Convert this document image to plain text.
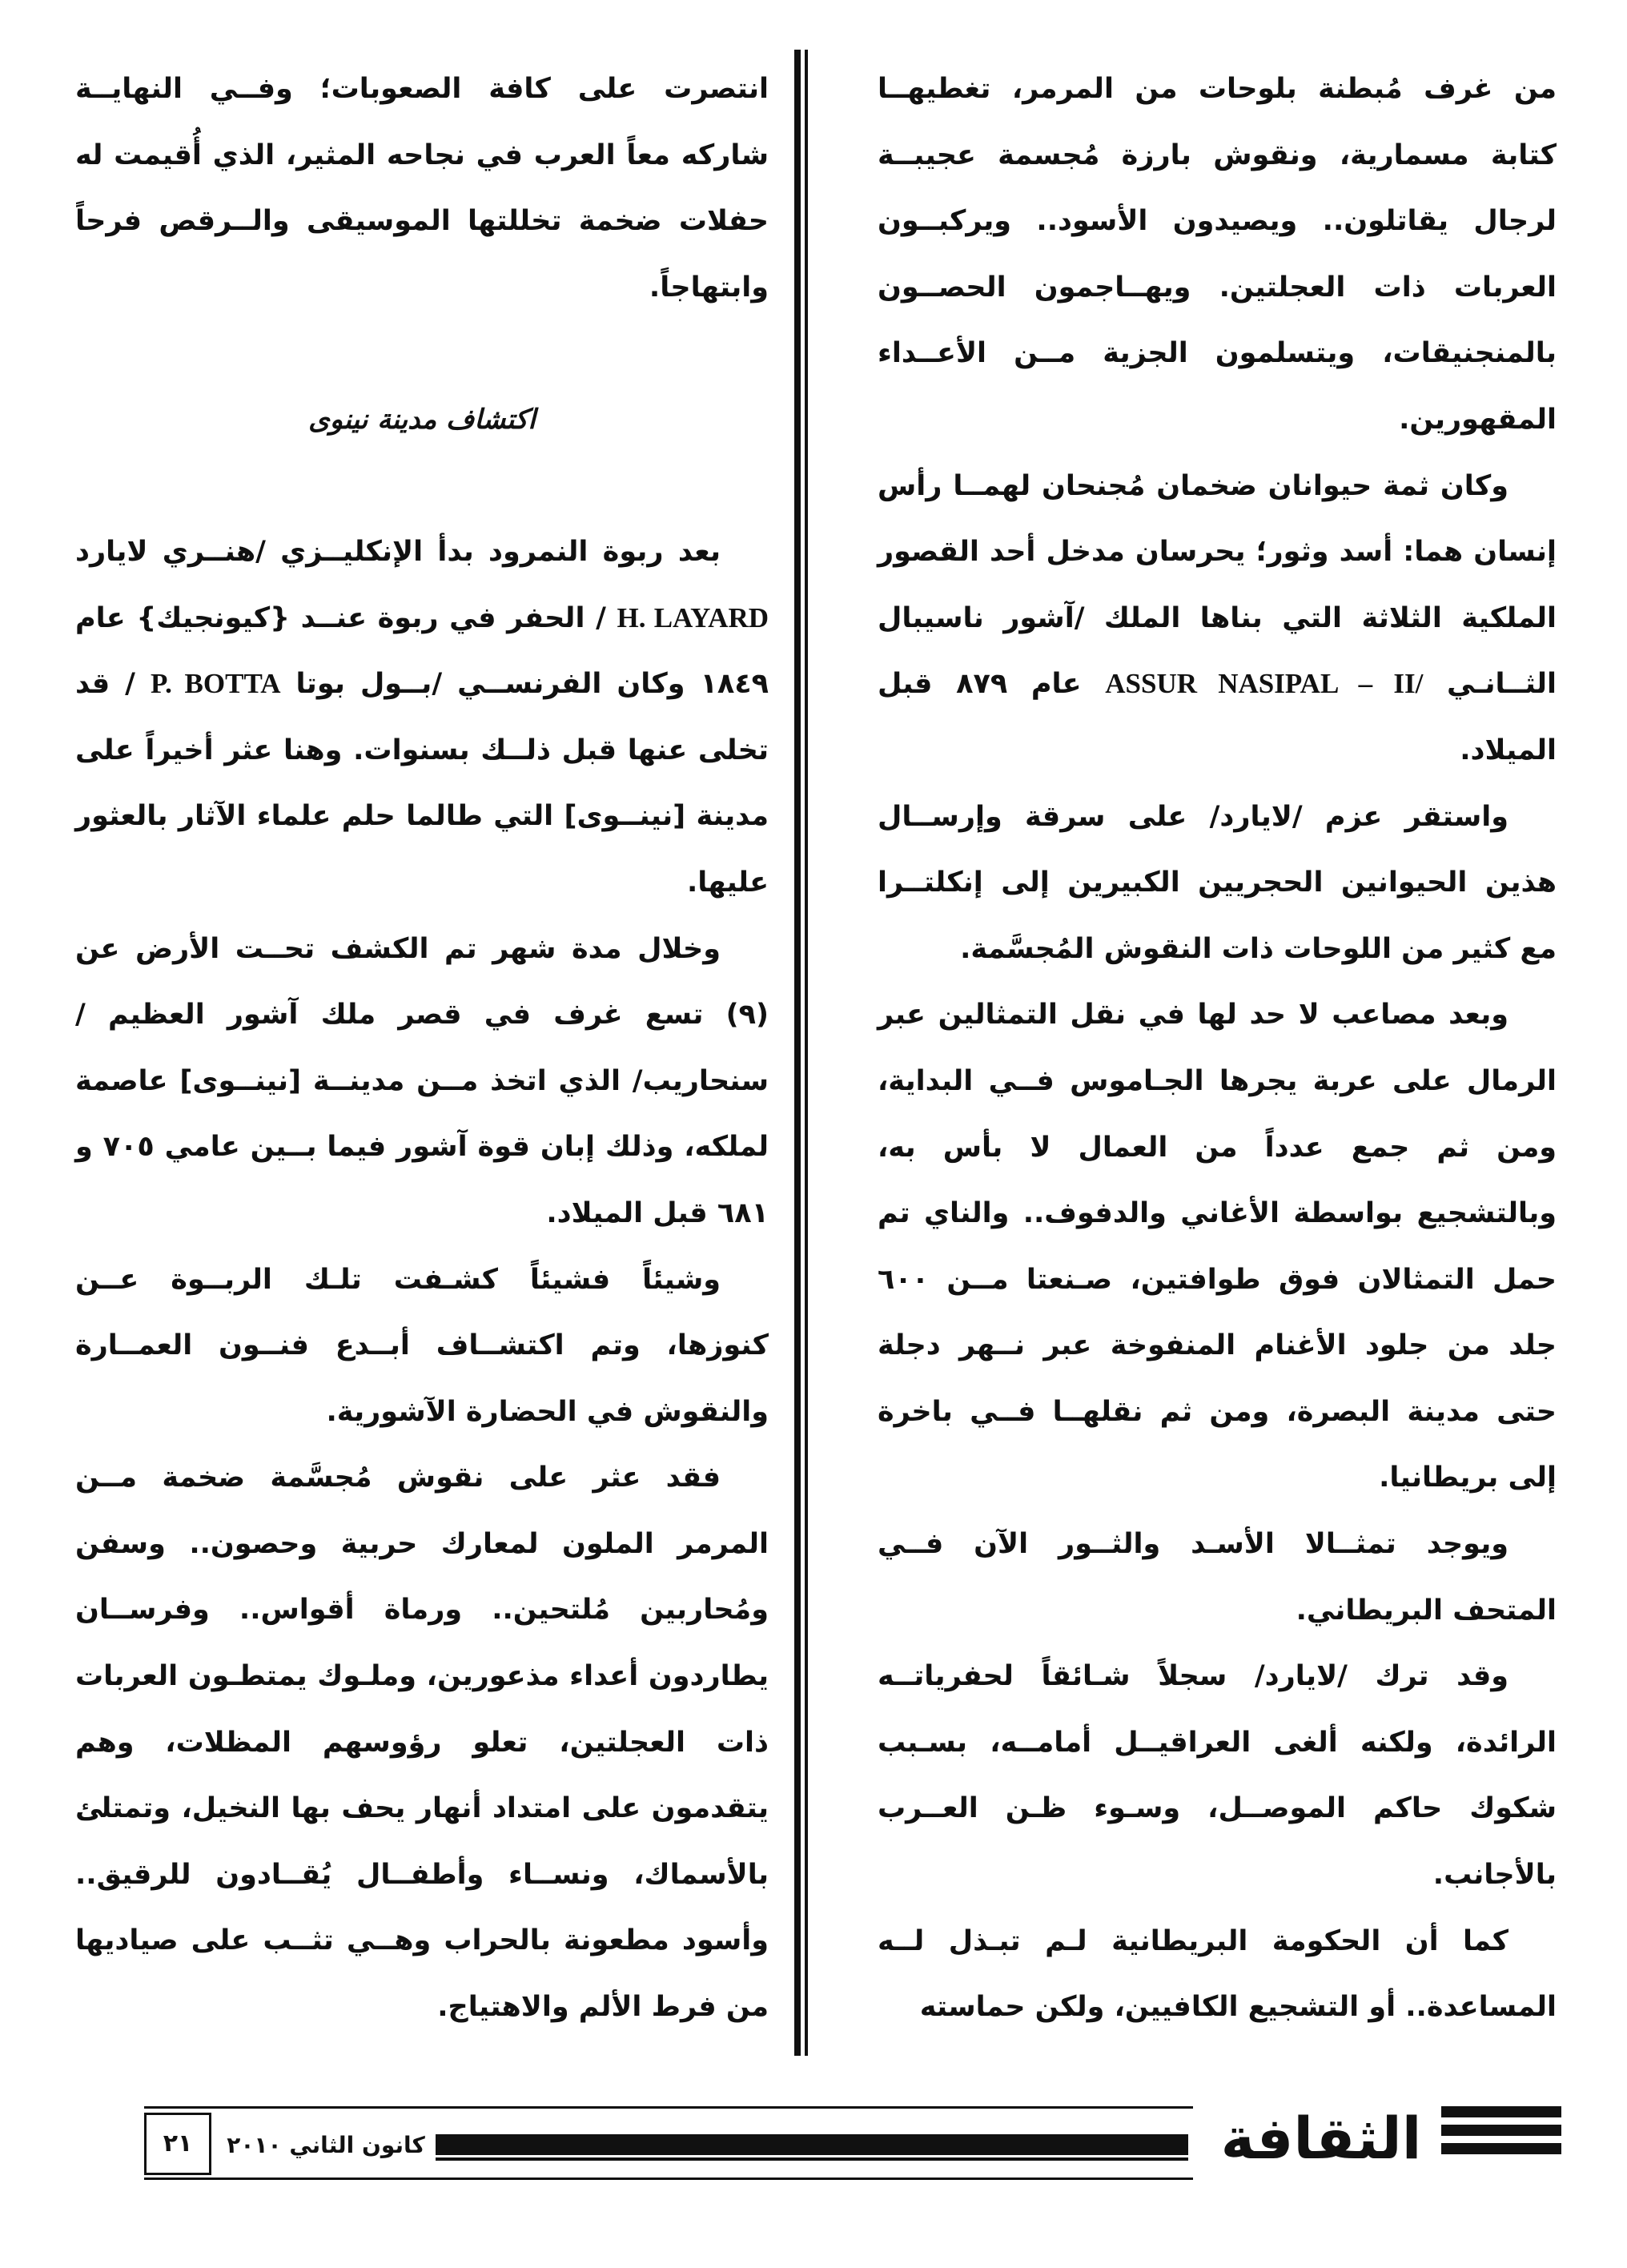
من غرف مُبطنة بلوحات من المرمر، تغطيهــا كتابة مسمارية، ونقوش بارزة مُجسمة عجيبــة لرجال يقاتلون.. ويصيدون الأسود.. ويركبــون العربات ذات العجلتين. ويهــاجمون الحصــون بالمنجنيقات، ويتسلمون الجزية مــن الأعــداء المقهورين.

وكان ثمة حيوانان ضخمان مُجنحان لهمــا رأس إنسان هما: أسد وثور؛ يحرسان مدخل أحد القصور الملكية الثلاثة التي بناها الملك /آشور ناسيبال الثــانـي ASSUR NASIPAL – II/ عام ٨٧٩ قبل الميلاد.

واستقر عزم /لايارد/ على سرقة وإرســال هذين الحيوانين الحجريين الكبيرين إلى إنكلتــرا مع كثير من اللوحات ذات النقوش المُجسَّمة.

وبعد مصاعب لا حد لها في نقل التمثالين عبر الرمال على عربة يجرها الجـاموس فــي البداية، ومن ثم جمع عدداً من العمال لا بأس به، وبالتشجيع بواسطة الأغاني والدفوف.. والناي تم حمل التمثالان فوق طوافتين، صـنعتا مــن ٦٠٠ جلد من جلود الأغنام المنفوخة عبر نــهر دجلة حتى مدينة البصرة، ومن ثم نقلهــا فــي باخرة إلى بريطانيا.

ويوجد تمثــالا الأسـد والثــور الآن فــي المتحف البريطاني.

وقد ترك /لايارد/ سجلاً شـائقاً لحفرياتــه الرائدة، ولكنه ألغى العراقيــل أمامــه، بسـبب شكوك حاكم الموصــل، وسـوء ظـن العــرب بالأجانب.

كما أن الحكومة البريطانية لـم تبـذل لــه المساعدة.. أو التشجيع الكافيين، ولكن حماسته

انتصرت على كافة الصعوبات؛ وفــي النهايــة شاركه معاً العرب في نجاحه المثير، الذي أُقيمت له حفلات ضخمة تخللتها الموسيقى والــرقص فرحاً وابتهاجاً.

اكتشاف مدينة نينوى

بعد ربوة النمرود بدأ الإنكليــزي /هنــري لايارد H. LAYARD / الحفر في ربوة عنــد {كيونجيك} عام ١٨٤٩ وكان الفرنســي /بــول بوتا P. BOTTA / قد تخلى عنها قبل ذلــك بسنوات. وهنا عثر أخيراً على مدينة [نينــوى] التي طالما حلم علماء الآثار بالعثور عليها.

وخلال مدة شهر تم الكشف تحــت الأرض عن (٩) تسع غرف في قصر ملك آشور العظيم /سنحاريب/ الذي اتخذ مــن مدينــة [نينــوى] عاصمة لملكه، وذلك إبان قوة آشور فيما بــين عامي ٧٠٥ و ٦٨١ قبل الميلاد.

وشيئاً فشيئاً كشـفت تلـك الربــوة عــن كنوزها، وتم اكتشــاف أبــدع فنــون العمــارة والنقوش في الحضارة الآشورية.

فقد عثر على نقوش مُجسَّمة ضخمة مــن المرمر الملون لمعارك حربية وحصون.. وسفن ومُحاربين مُلتحين.. ورماة أقواس.. وفرســان يطاردون أعداء مذعورين، وملـوك يمتطـون العربات ذات العجلتين، تعلو رؤوسهم المظلات، وهم يتقدمون على امتداد أنهار يحف بها النخيل، وتمتلئ بالأسماك، ونســاء وأطفــال يُقــادون للرقيق.. وأسود مطعونة بالحراب وهــي تثــب على صياديها من فرط الألم والاهتياج.

كانون الثاني ٢٠١٠
٢١	الثقافة
